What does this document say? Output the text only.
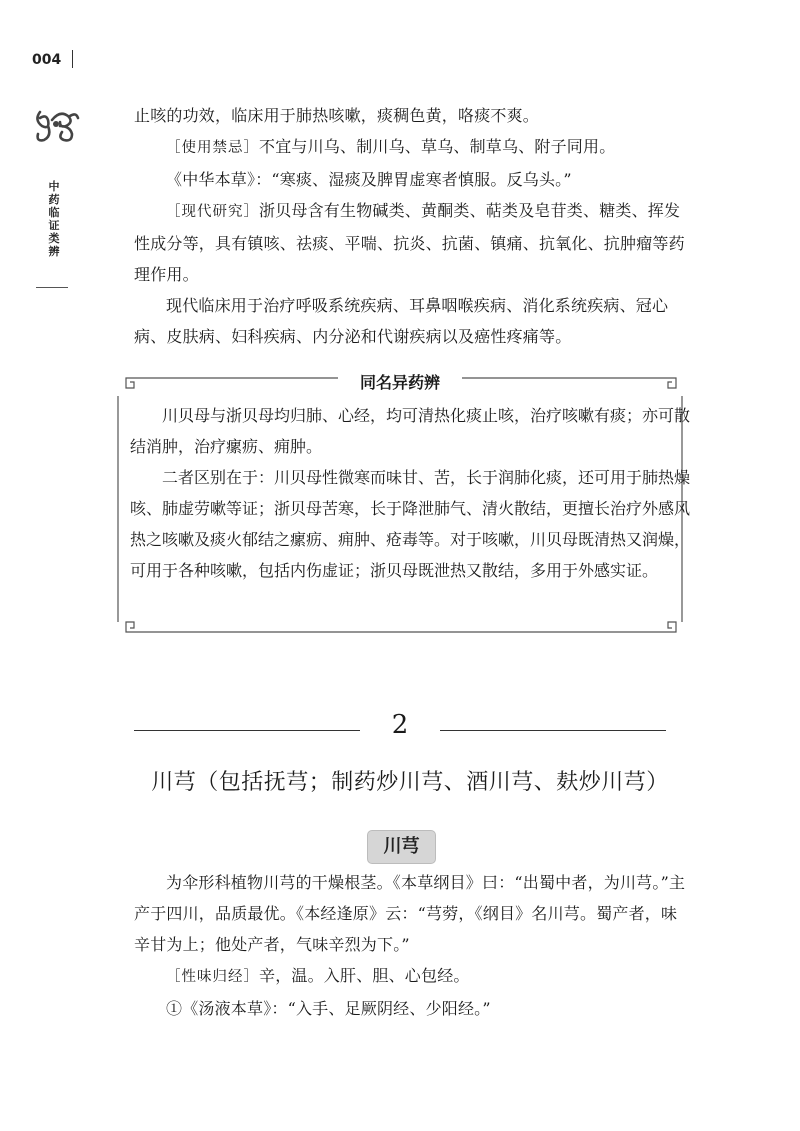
004
中药临证类辨

止咳的功效，临床用于肺热咳嗽，痰稠色黄，咯痰不爽。

［使用禁忌］不宜与川乌、制川乌、草乌、制草乌、附子同用。

《中华本草》：“寒痰、湿痰及脾胃虚寒者慎服。反乌头。”

［现代研究］浙贝母含有生物碱类、黄酮类、萜类及皂苷类、糖类、挥发性成分等，具有镇咳、祛痰、平喘、抗炎、抗菌、镇痛、抗氧化、抗肿瘤等药理作用。

现代临床用于治疗呼吸系统疾病、耳鼻咽喉疾病、消化系统疾病、冠心病、皮肤病、妇科疾病、内分泌和代谢疾病以及癌性疼痛等。

同名异药辨

川贝母与浙贝母均归肺、心经，均可清热化痰止咳，治疗咳嗽有痰；亦可散结消肿，治疗瘰疬、痈肿。

二者区别在于：川贝母性微寒而味甘、苦，长于润肺化痰，还可用于肺热燥咳、肺虚劳嗽等证；浙贝母苦寒，长于降泄肺气、清火散结，更擅长治疗外感风热之咳嗽及痰火郁结之瘰疬、痈肿、疮毒等。对于咳嗽，川贝母既清热又润燥，可用于各种咳嗽，包括内伤虚证；浙贝母既泄热又散结，多用于外感实证。

2
川芎（包括抚芎；制药炒川芎、酒川芎、麸炒川芎）
川芎

为伞形科植物川芎的干燥根茎。《本草纲目》曰：“出蜀中者，为川芎。”主产于四川，品质最优。《本经逢原》云：“芎䓖，《纲目》名川芎。蜀产者，味辛甘为上；他处产者，气味辛烈为下。”

［性味归经］辛，温。入肝、胆、心包经。

①《汤液本草》：“入手、足厥阴经、少阳经。”
